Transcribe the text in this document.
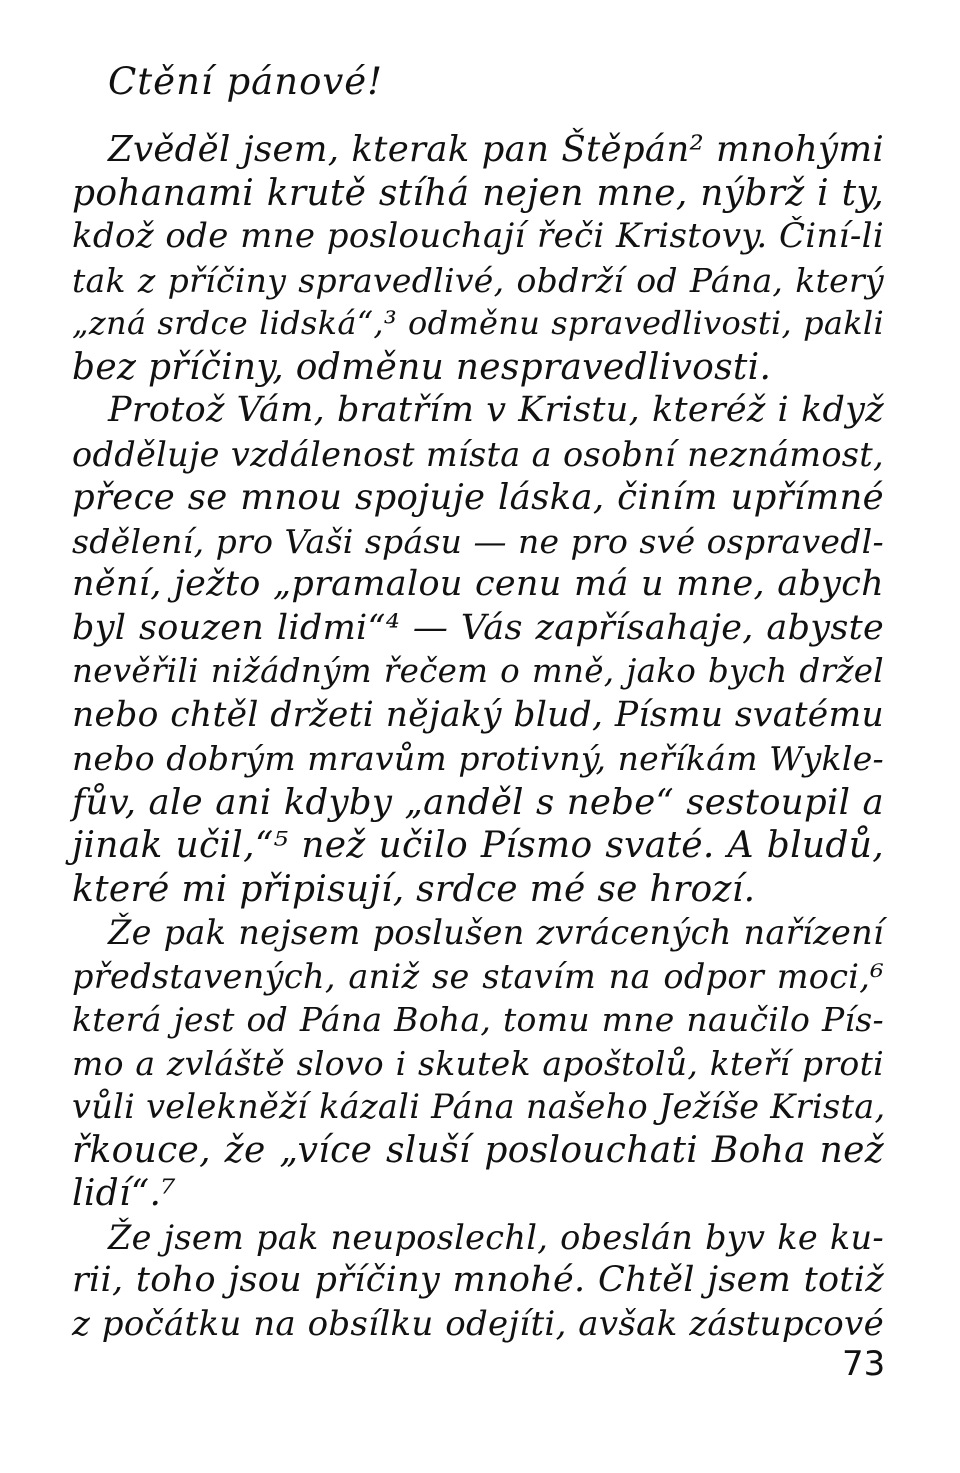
Ctění pánové!
Zvěděl jsem, kterak pan Štěpán² mnohými
pohanami krutě stíhá nejen mne, nýbrž i ty,
kdož ode mne poslouchají řeči Kristovy. Činí-li
tak z příčiny spravedlivé, obdrží od Pána, který
„zná srdce lidská“,³ odměnu spravedlivosti, pakli
bez příčiny, odměnu nespravedlivosti.
Protož Vám, bratřím v Kristu, kteréž i když
odděluje vzdálenost místa a osobní neznámost,
přece se mnou spojuje láska, činím upřímné
sdělení, pro Vaši spásu — ne pro své ospravedl-
nění, ježto „pramalou cenu má u mne, abych
byl souzen lidmi“⁴ — Vás zapřísahaje, abyste
nevěřili nižádným řečem o mně, jako bych držel
nebo chtěl držeti nějaký blud, Písmu svatému
nebo dobrým mravům protivný, neříkám Wykle-
fův, ale ani kdyby „anděl s nebe“ sestoupil a
jinak učil,“⁵ než učilo Písmo svaté. A bludů,
které mi připisují, srdce mé se hrozí.
Že pak nejsem poslušen zvrácených nařízení
představených, aniž se stavím na odpor moci,⁶
která jest od Pána Boha, tomu mne naučilo Pís-
mo a zvláště slovo i skutek apoštolů, kteří proti
vůli velekněží kázali Pána našeho Ježíše Krista,
řkouce, že „více sluší poslouchati Boha než
lidí“.⁷
Že jsem pak neuposlechl, obeslán byv ke ku-
rii, toho jsou příčiny mnohé. Chtěl jsem totiž
z počátku na obsílku odejíti, avšak zástupcové
73
